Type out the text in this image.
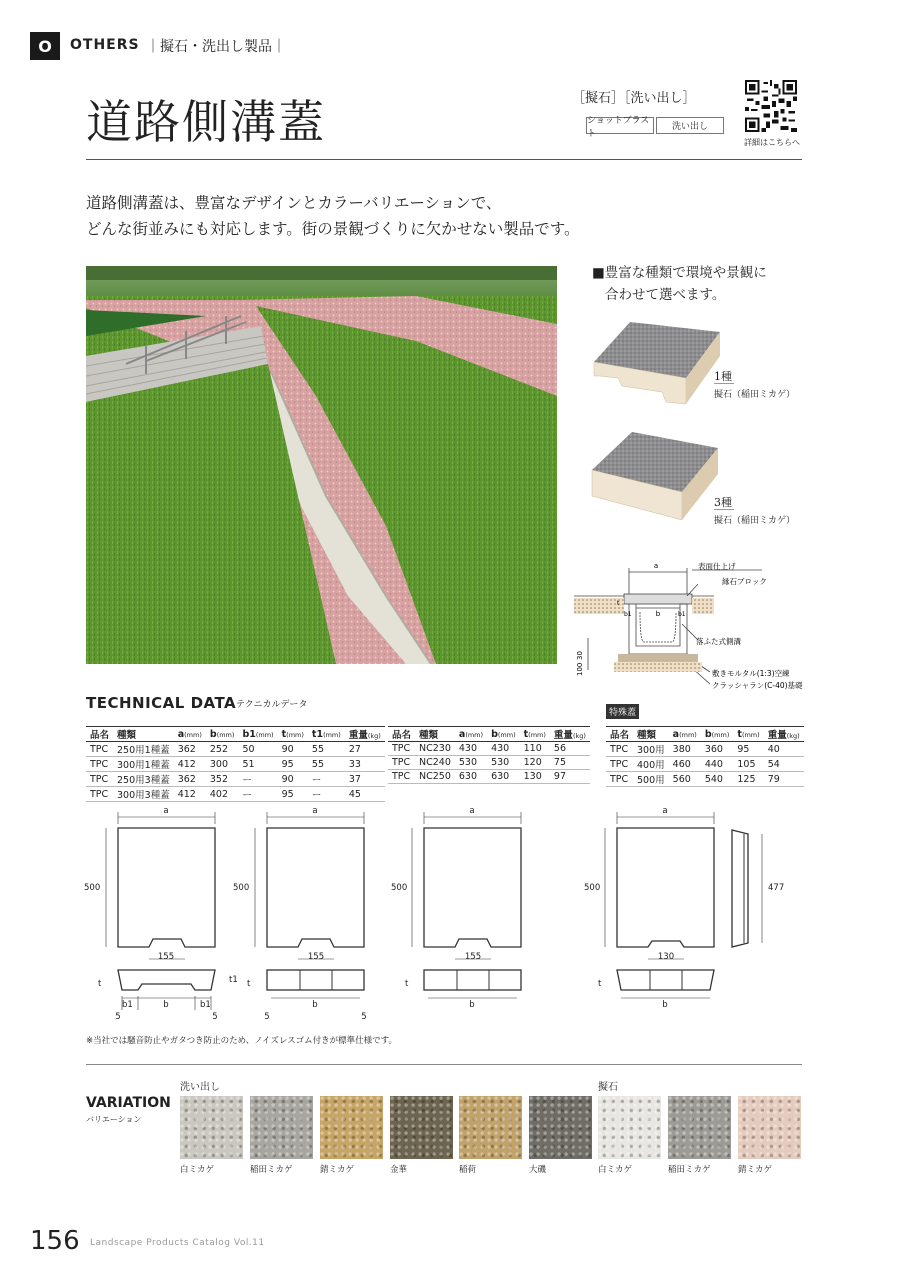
O	OTHERS ｜擬石・洗出し製品｜
道路側溝蓋	［擬石］［洗い出し］
ショットブラスト
洗い出し
詳細はこちらへ
道路側溝蓋は、豊富なデザインとカラーバリエーションで、
どんな街並みにも対応します。街の景観づくりに欠かせない製品です。
■豊富な種類で環境や景観に
合わせて選べます。
1種
擬石（稲田ミカゲ）
3種
擬石（稲田ミカゲ）
a
b
b1	b1
t
100
30
表面仕上げ
縁石ブロック
落ふた式側溝
敷きモルタル(1:3)空練
クラッシャラン(C-40)基礎
TECHNICAL DATA テクニカルデータ
特殊蓋
品名	種類	a(mm)	b(mm)	b1(mm)	t(mm)	t1(mm)	重量(kg)
TPC	250用1種蓋	362	252	50	90	55	27
TPC	300用1種蓋	412	300	51	95	55	33
TPC	250用3種蓋	362	352	ー	90	ー	37
TPC	300用3種蓋	412	402	ー	95	ー	45
品名	種類	a(mm)	b(mm)	t(mm)	重量(kg)
TPC	NC230	430	430	110	56
TPC	NC240	530	530	120	75
TPC	NC250	630	630	130	97
品名	種類	a(mm)	b(mm)	t(mm)	重量(kg)
TPC	300用	380	360	95	40
TPC	400用	460	440	105	54
TPC	500用	560	540	125	79
a
500
155
t	t1
b1	b	b1
5	5
a
500
155
t
b
5	5
a
500
155
t
b
a
500
130
t
b
477
※当社では騒音防止やガタつき防止のため、ノイズレスゴム付きが標準仕様です。
VARIATION
バリエーション
洗い出し	擬石
白ミカゲ	稲田ミカゲ	錆ミカゲ	金華	稲荷	大磯	白ミカゲ	稲田ミカゲ	錆ミカゲ
156 Landscape Products Catalog Vol.11
